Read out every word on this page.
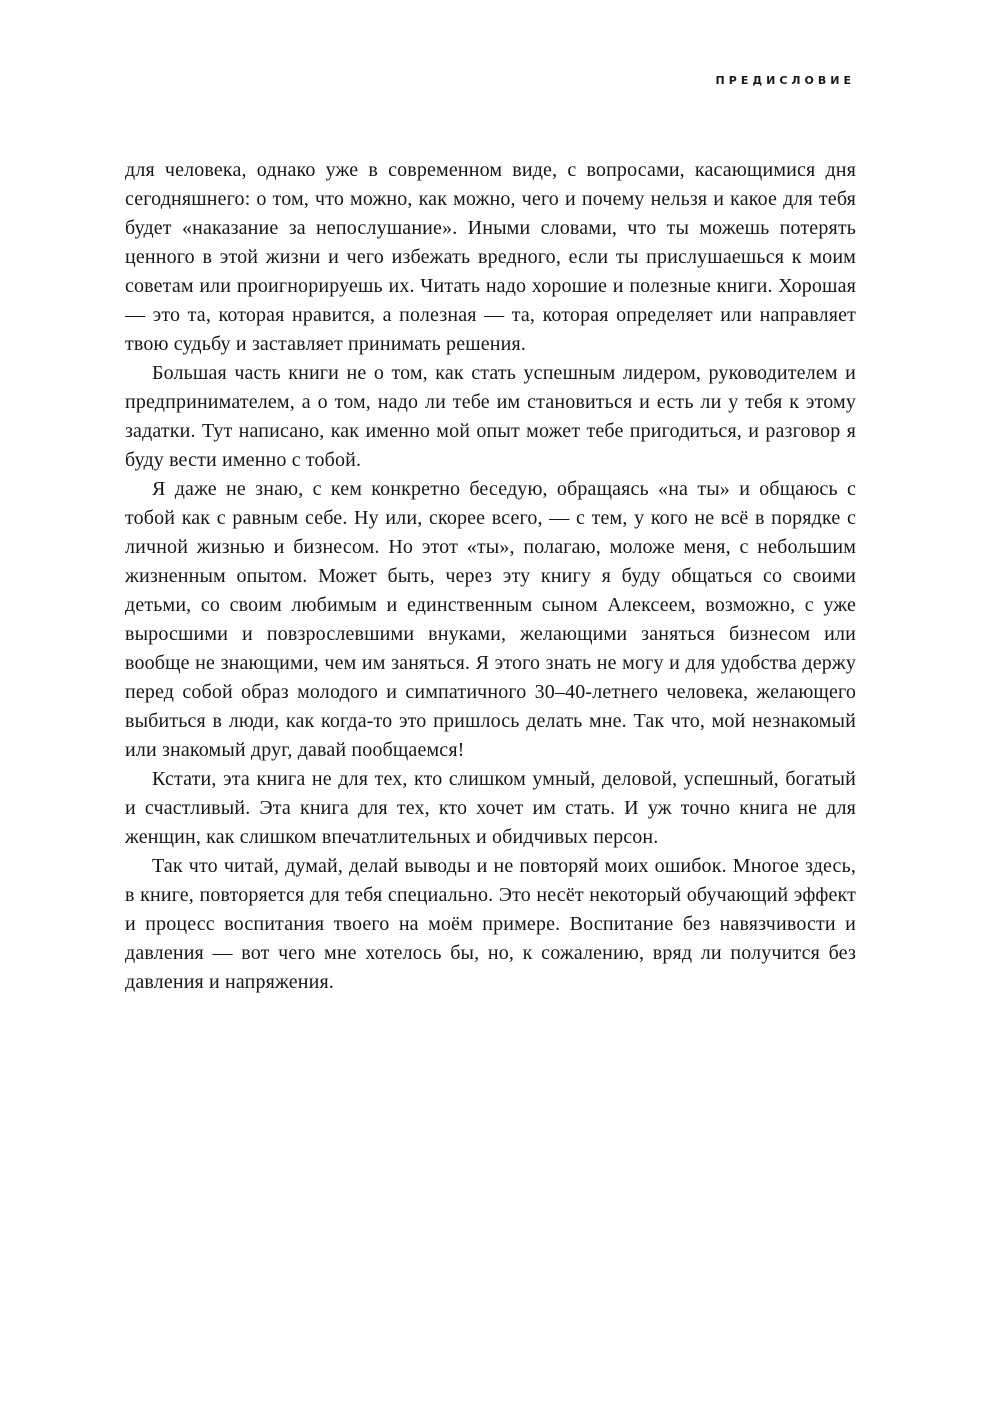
ПРЕДИСЛОВИЕ

для человека, однако уже в современном виде, с вопросами, касающимися дня сегодняшнего: о том, что можно, как можно, чего и почему нельзя и какое для тебя будет «наказание за непослушание». Иными словами, что ты можешь потерять ценного в этой жизни и чего избежать вредного, если ты прислушаешься к моим советам или проигнорируешь их. Читать надо хорошие и полезные книги. Хорошая — это та, которая нравится, а полезная — та, которая определяет или направляет твою судьбу и заставляет принимать решения.

Большая часть книги не о том, как стать успешным лидером, руководителем и предпринимателем, а о том, надо ли тебе им становиться и есть ли у тебя к этому задатки. Тут написано, как именно мой опыт может тебе пригодиться, и разговор я буду вести именно с тобой.

Я даже не знаю, с кем конкретно беседую, обращаясь «на ты» и общаюсь с тобой как с равным себе. Ну или, скорее всего, — с тем, у кого не всё в порядке с личной жизнью и бизнесом. Но этот «ты», полагаю, моложе меня, с небольшим жизненным опытом. Может быть, через эту книгу я буду общаться со своими детьми, со своим любимым и единственным сыном Алексеем, возможно, с уже выросшими и повзрослевшими внуками, желающими заняться бизнесом или вообще не знающими, чем им заняться. Я этого знать не могу и для удобства держу перед собой образ молодого и симпатичного 30–40-летнего человека, желающего выбиться в люди, как когда-то это пришлось делать мне. Так что, мой незнакомый или знакомый друг, давай пообщаемся!

Кстати, эта книга не для тех, кто слишком умный, деловой, успешный, богатый и счастливый. Эта книга для тех, кто хочет им стать. И уж точно книга не для женщин, как слишком впечатлительных и обидчивых персон.

Так что читай, думай, делай выводы и не повторяй моих ошибок. Многое здесь, в книге, повторяется для тебя специально. Это несёт некоторый обучающий эффект и процесс воспитания твоего на моём примере. Воспитание без навязчивости и давления — вот чего мне хотелось бы, но, к сожалению, вряд ли получится без давления и напряжения.
